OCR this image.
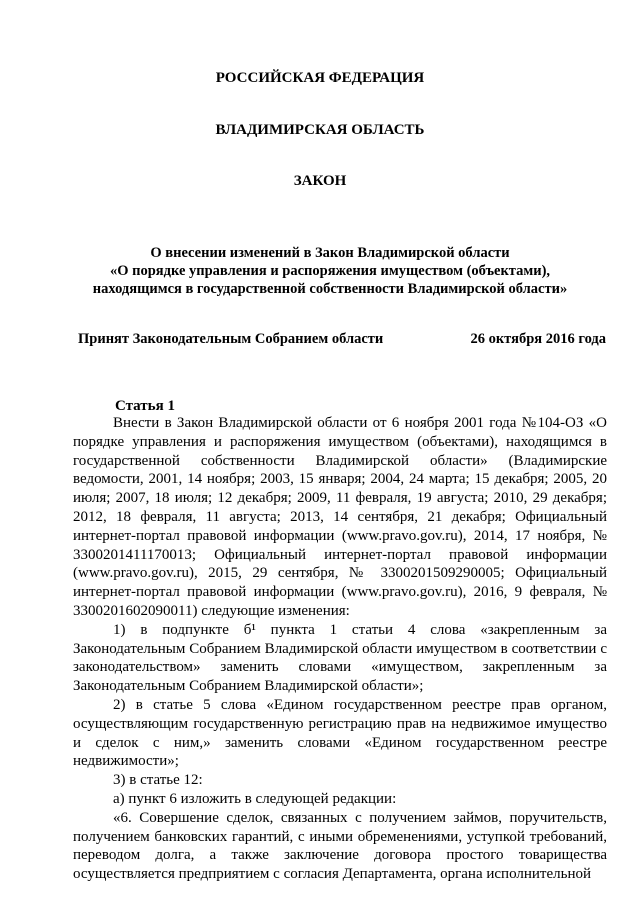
РОССИЙСКАЯ ФЕДЕРАЦИЯ
ВЛАДИМИРСКАЯ ОБЛАСТЬ
ЗАКОН
О внесении изменений в Закон Владимирской области
«О порядке управления и распоряжения имуществом (объектами),
находящимся в государственной собственности Владимирской области»
Принят Законодательным Собранием области	26 октября 2016 года
Статья 1

Внести в Закон Владимирской области от 6 ноября 2001 года №104-ОЗ «О порядке управления и распоряжения имуществом (объектами), находящимся в государственной собственности Владимирской области» (Владимирские ведомости, 2001, 14 ноября; 2003, 15 января; 2004, 24 марта; 15 декабря; 2005, 20 июля; 2007, 18 июля; 12 декабря; 2009, 11 февраля, 19 августа; 2010, 29 декабря; 2012, 18 февраля, 11 августа; 2013, 14 сентября, 21 декабря; Официальный интернет-портал правовой информации (www.pravo.gov.ru), 2014, 17 ноября, № 3300201411170013; Официальный интернет-портал правовой информации (www.pravo.gov.ru), 2015, 29 сентября, № 3300201509290005; Официальный интернет-портал правовой информации (www.pravo.gov.ru), 2016, 9 февраля, № 3300201602090011) следующие изменения:

1) в подпункте б¹ пункта 1 статьи 4 слова «закрепленным за Законодательным Собранием Владимирской области имуществом в соответствии с законодательством» заменить словами «имуществом, закрепленным за Законодательным Собранием Владимирской области»;

2) в статье 5 слова «Едином государственном реестре прав органом, осуществляющим государственную регистрацию прав на недвижимое имущество и сделок с ним,» заменить словами «Едином государственном реестре недвижимости»;

3) в статье 12:

а) пункт 6 изложить в следующей редакции:

«6. Совершение сделок, связанных с получением займов, поручительств, получением банковских гарантий, с иными обременениями, уступкой требований, переводом долга, а также заключение договора простого товарищества осуществляется предприятием с согласия Департамента, органа исполнительной
